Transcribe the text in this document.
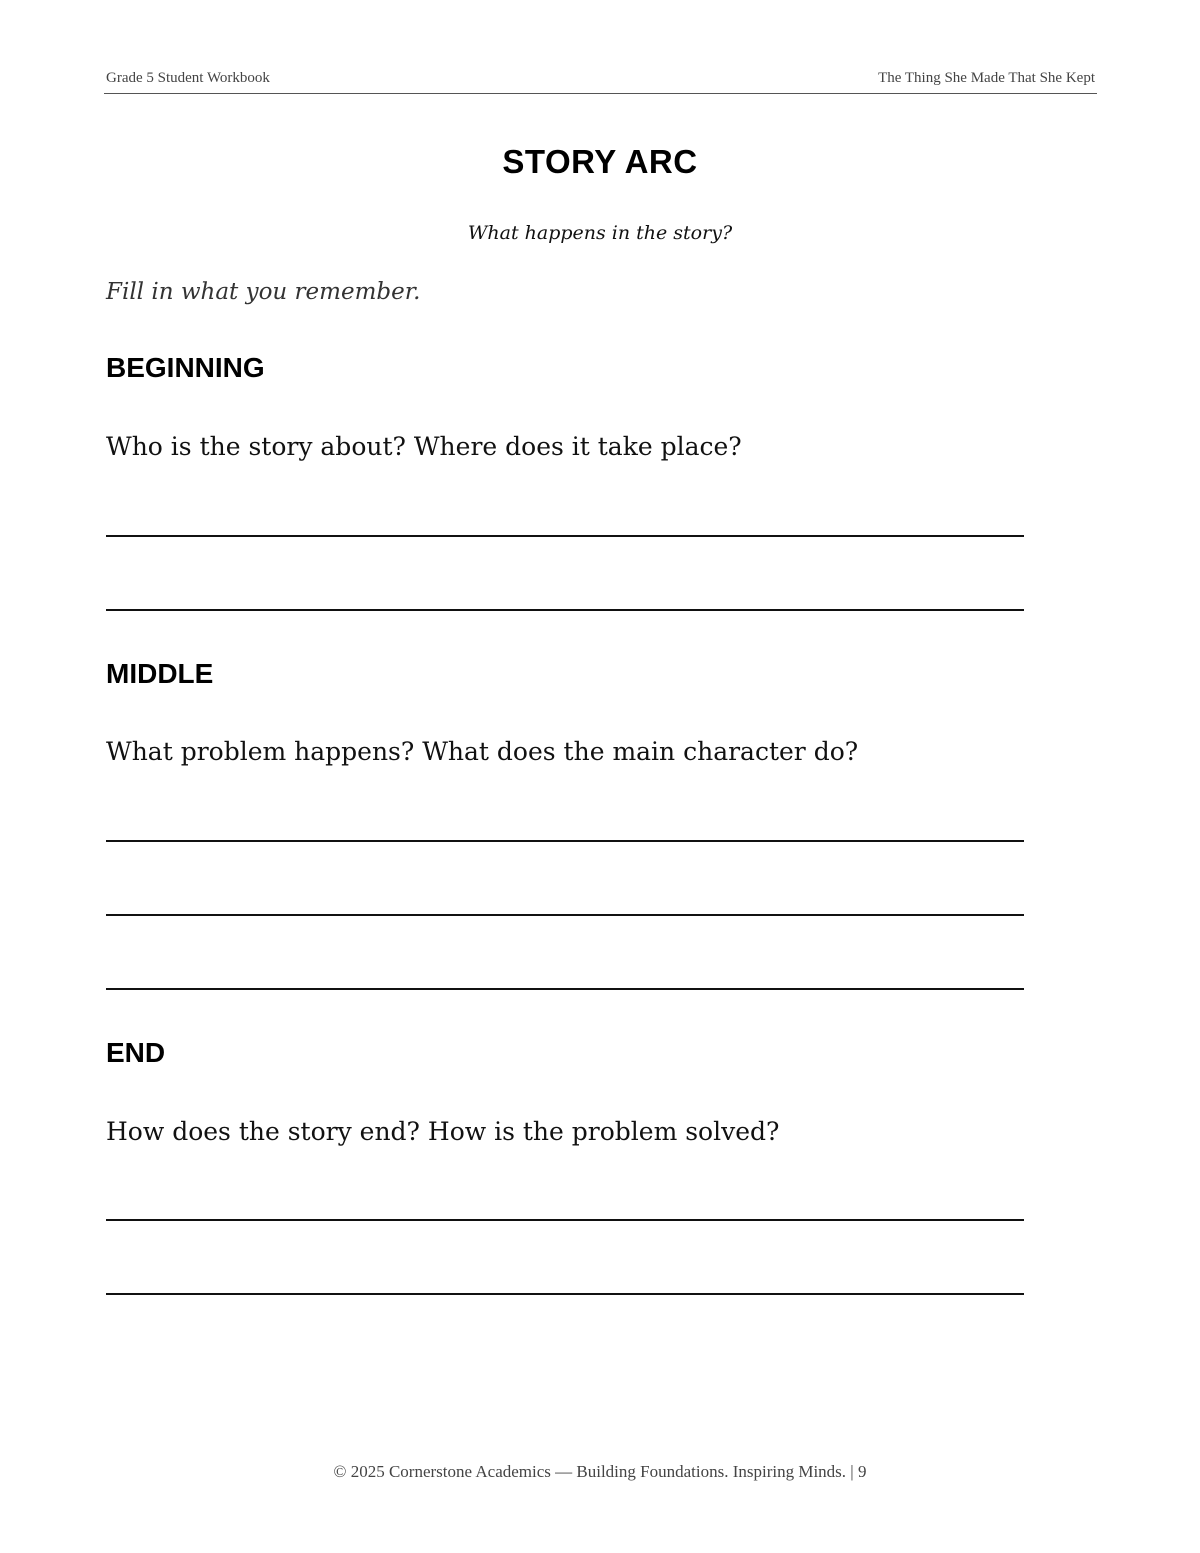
Grade 5 Student Workbook	The Thing She Made That She Kept
STORY ARC
What happens in the story?
Fill in what you remember.
BEGINNING
Who is the story about? Where does it take place?
MIDDLE
What problem happens? What does the main character do?
END
How does the story end? How is the problem solved?
© 2025 Cornerstone Academics — Building Foundations. Inspiring Minds. | 9
